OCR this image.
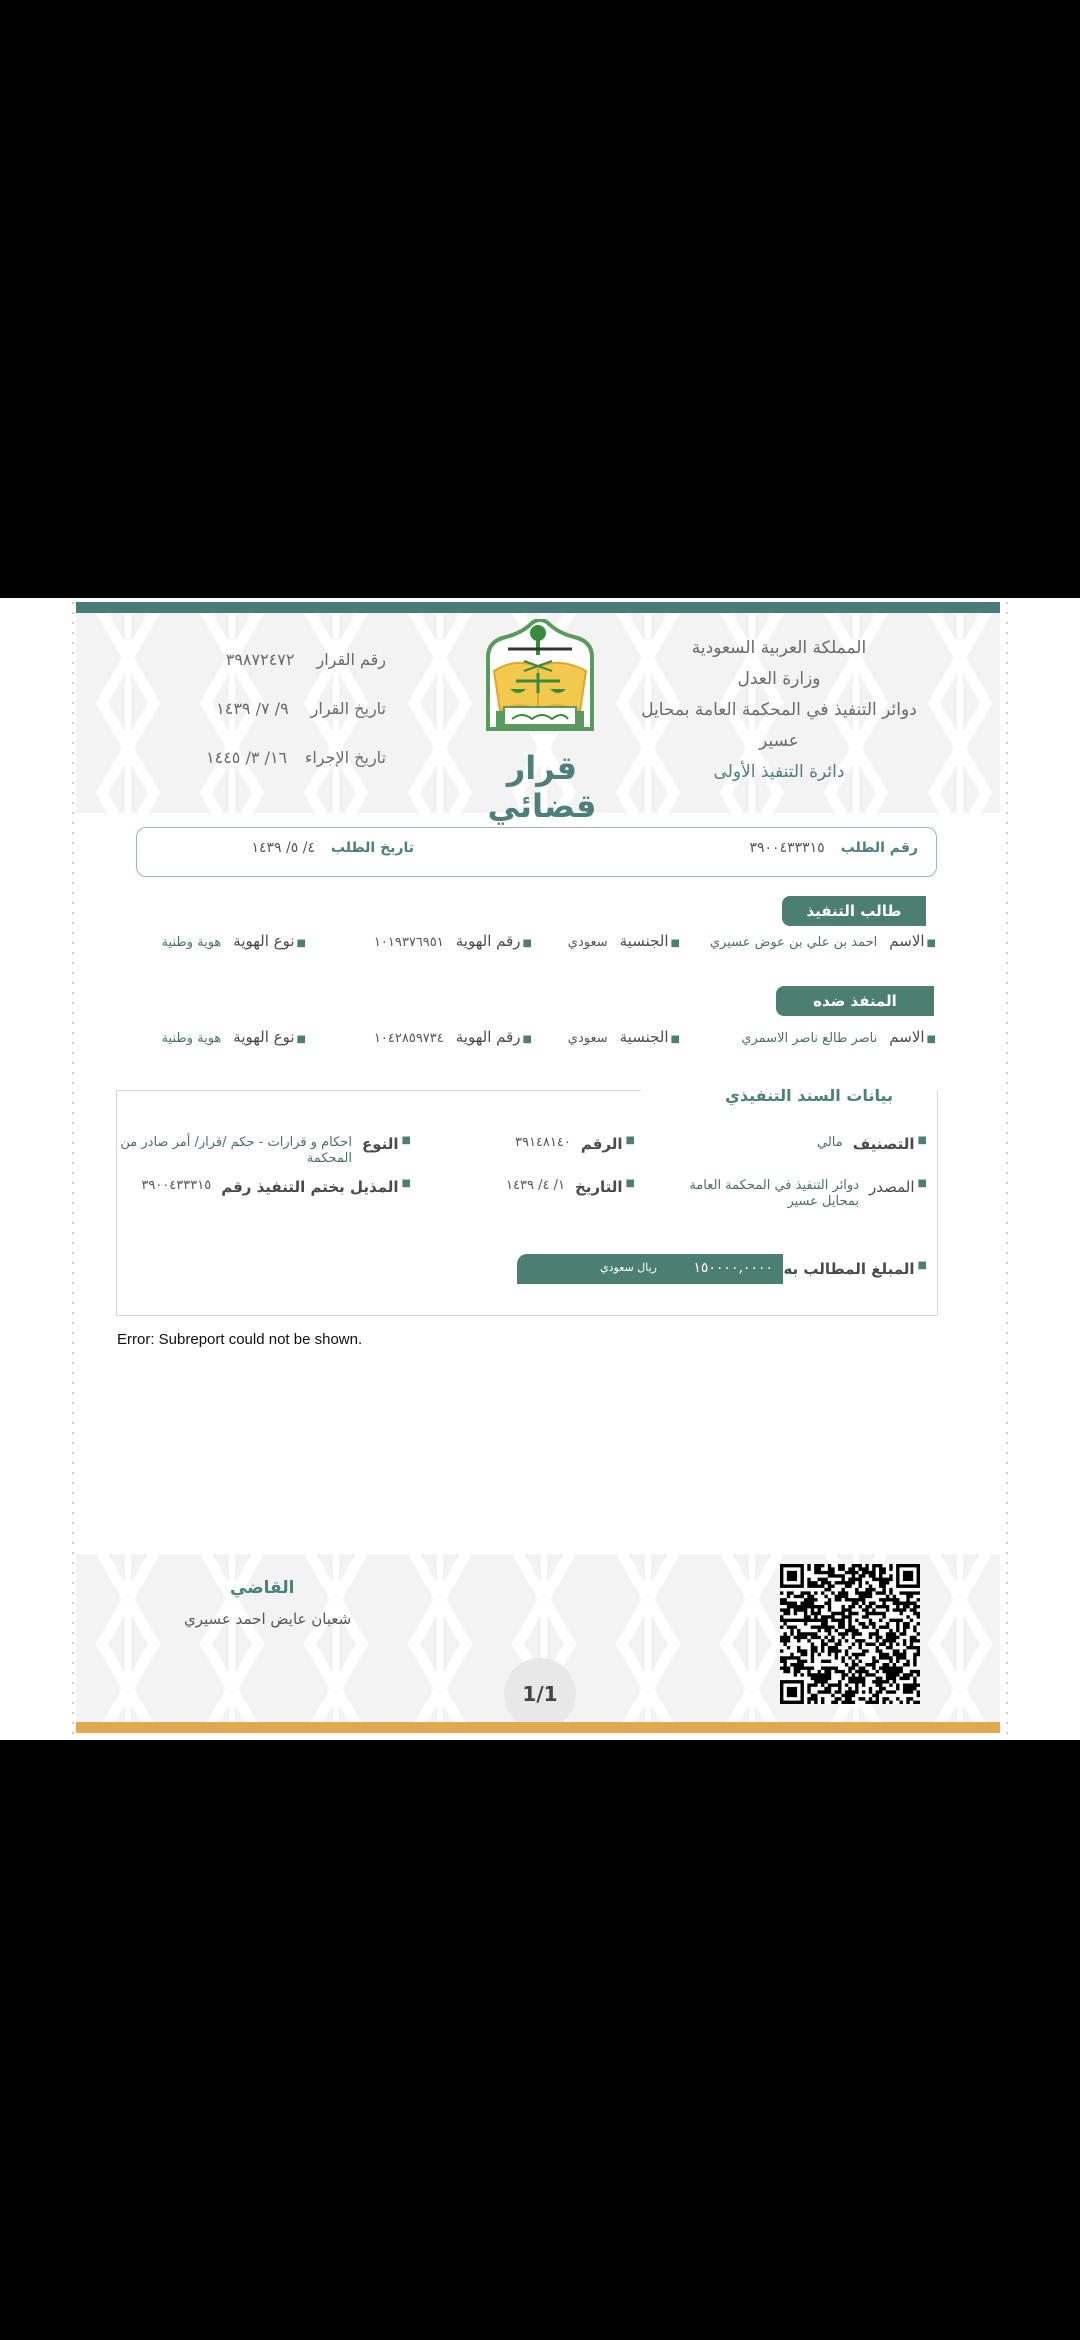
المملكة العربية السعودية
وزارة العدل
دوائر التنفيذ في المحكمة العامة بمحايل
عسير
دائرة التنفيذ الأولى
قرار قضائي
رقم القرار
٣٩٨٧٢٤٧٢
تاريخ القرار
٩/ ٧/ ١٤٣٩
تاريخ الإجراء
١٦/ ٣/ ١٤٤٥
رقم الطلب
٣٩٠٠٤٣٣٣١٥
تاريخ الطلب
٤/ ٥/ ١٤٣٩
طالب التنفيذ
■ الاسم
احمد بن علي بن عوض عسيري
■ الجنسية
سعودي
■ رقم الهوية
١٠١٩٣٧٦٩٥١
■ نوع الهوية
هوية وطنية
المنفذ ضده
■ الاسم
ناصر طالع ناصر الاسمري
■ الجنسية
سعودي
■ رقم الهوية
١٠٤٢٨٥٩٧٣٤
■ نوع الهوية
هوية وطنية
بيانات السند التنفيذي
■ التصنيف
مالي
■ الرقم
٣٩١٤٨١٤٠
■ النوع
احكام و قرارات - حكم /قرار/ أمر صادر من المحكمة
■ المصدر
دوائر التنفيذ في المحكمة العامة بمحايل عسير
■ التاريخ
١/ ٤/ ١٤٣٩
■ المذيل بختم التنفيذ رقم
٣٩٠٠٤٣٣٣١٥
■ المبلغ المطالب به
١٥٠٠٠٠,٠٠٠٠
ريال سعودي
Error: Subreport could not be shown.
القاضي
شعبان عايض احمد عسيري
1/1
